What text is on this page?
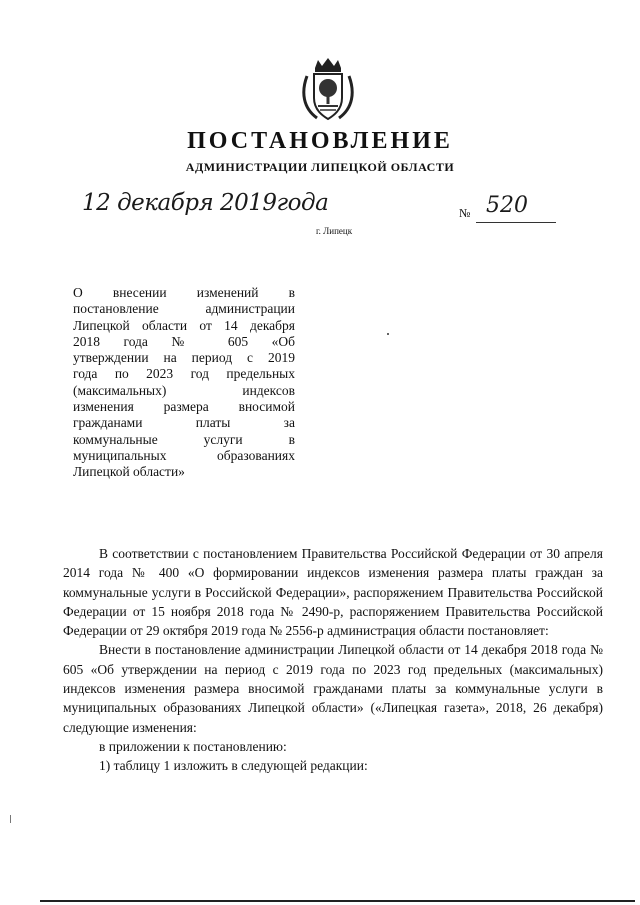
ПОСТАНОВЛЕНИЕ
АДМИНИСТРАЦИИ ЛИПЕЦКОЙ ОБЛАСТИ
12 декабря 2019года
г. Липецк
№ 520
О внесении изменений в
постановление администрации
Липецкой области от 14 декабря
2018 года № 605 «Об
утверждении на период с 2019
года по 2023 год предельных
(максимальных) индексов
изменения размера вносимой
гражданами платы за
коммунальные услуги в
муниципальных образованиях
Липецкой области»

В соответствии с постановлением Правительства Российской Федерации от 30 апреля 2014 года № 400 «О формировании индексов изменения размера платы граждан за коммунальные услуги в Российской Федерации», распоряжением Правительства Российской Федерации от 15 ноября 2018 года № 2490-р, распоряжением Правительства Российской Федерации от 29 октября 2019 года № 2556-р администрация области постановляет:

Внести в постановление администрации Липецкой области от 14 декабря 2018 года № 605 «Об утверждении на период с 2019 года по 2023 год предельных (максимальных) индексов изменения размера вносимой гражданами платы за коммунальные услуги в муниципальных образованиях Липецкой области» («Липецкая газета», 2018, 26 декабря) следующие изменения:

в приложении к постановлению:

1) таблицу 1 изложить в следующей редакции:
